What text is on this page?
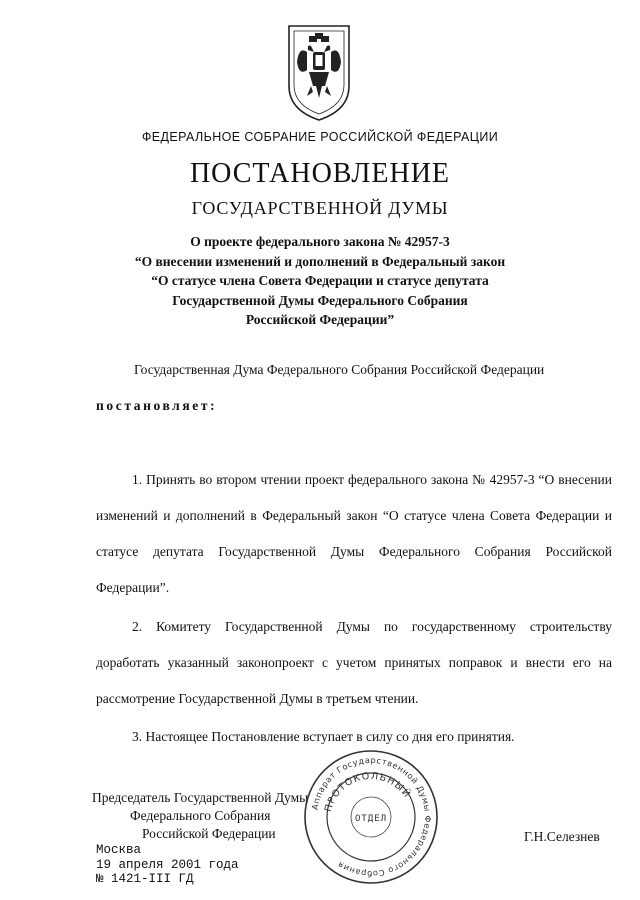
ФЕДЕРАЛЬНОЕ СОБРАНИЕ РОССИЙСКОЙ ФЕДЕРАЦИИ
ПОСТАНОВЛЕНИЕ
ГОСУДАРСТВЕННОЙ ДУМЫ
О проекте федерального закона № 42957-3
“О внесении изменений и дополнений в Федеральный закон
“О статусе члена Совета Федерации и статусе депутата
Государственной Думы Федерального Собрания
Российской Федерации”
Государственная Дума Федерального Собрания Российской Федерации
постановляет:
1. Принять во втором чтении проект федерального закона № 42957-3 “О внесении изменений и дополнений в Федеральный закон “О статусе члена Совета Федерации и статусе депутата Государственной Думы Федерального Собрания Российской Федерации”.
2. Комитету Государственной Думы по государственному строительству доработать указанный законопроект с учетом принятых поправок и внести его на рассмотрение Государственной Думы в третьем чтении.
3. Настоящее Постановление вступает в силу со дня его принятия.
Председатель Государственной Думы
Федерального Собрания
Российской Федерации	Г.Н.Селезнев
Москва
19 апреля 2001 года
№ 1421-III ГД
Аппарат Государственной Думы Федерального Собрания
ПРОТОКОЛЬНЫЙ
ОТДЕЛ
